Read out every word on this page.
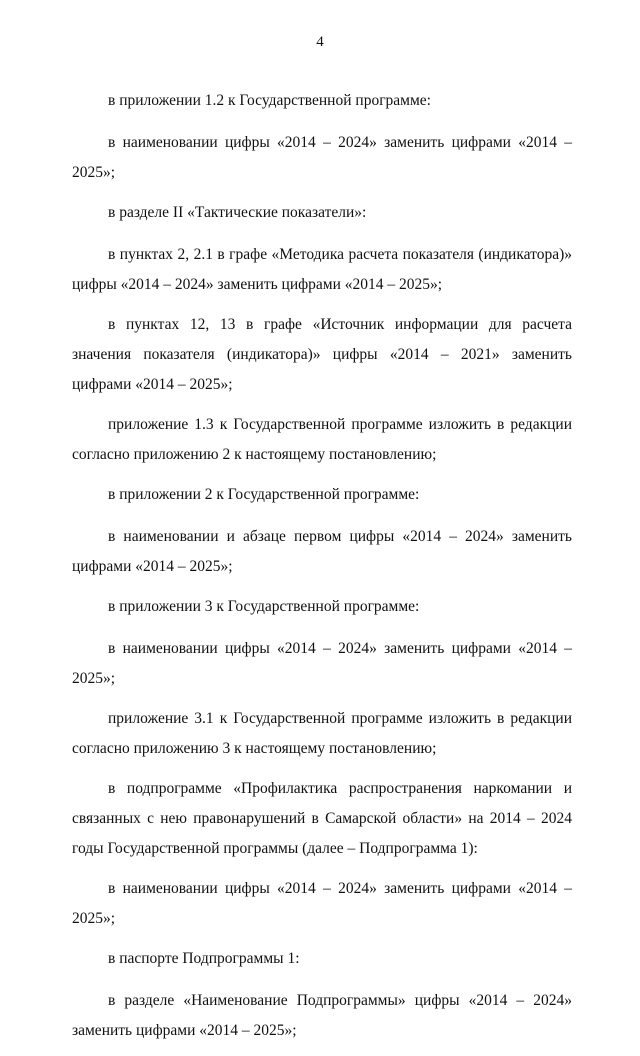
4

в приложении 1.2 к Государственной программе:

в наименовании цифры «2014 – 2024» заменить цифрами «2014 – 2025»;

в разделе II «Тактические показатели»:

в пунктах 2, 2.1 в графе «Методика расчета показателя (индикатора)» цифры «2014 – 2024» заменить цифрами «2014 – 2025»;

в пунктах 12, 13 в графе «Источник информации для расчета значения показателя (индикатора)» цифры «2014 – 2021» заменить цифрами «2014 – 2025»;

приложение 1.3 к Государственной программе изложить в редакции согласно приложению 2 к настоящему постановлению;

в приложении 2 к Государственной программе:

в наименовании и абзаце первом цифры «2014 – 2024» заменить цифрами «2014 – 2025»;

в приложении 3 к Государственной программе:

в наименовании цифры «2014 – 2024» заменить цифрами «2014 – 2025»;

приложение 3.1 к Государственной программе изложить в редакции согласно приложению 3 к настоящему постановлению;

в подпрограмме «Профилактика распространения наркомании и связанных с нею правонарушений в Самарской области» на 2014 – 2024 годы Государственной программы (далее – Подпрограмма 1):

в наименовании цифры «2014 – 2024» заменить цифрами «2014 – 2025»;

в паспорте Подпрограммы 1:

в разделе «Наименование Подпрограммы» цифры «2014 – 2024» заменить цифрами «2014 – 2025»;
